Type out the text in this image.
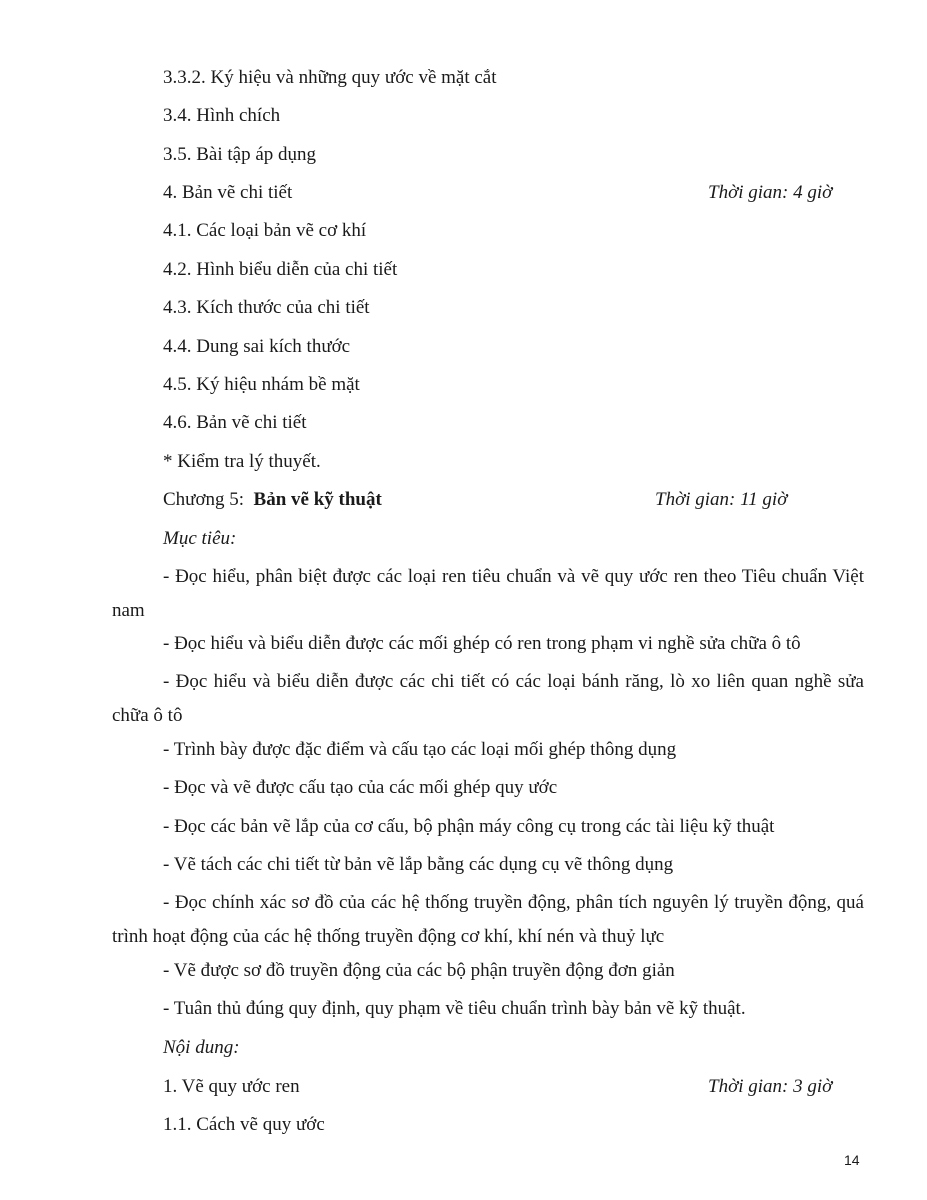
3.3.2. Ký hiệu và những quy ước về mặt cắt
3.4. Hình chích
3.5. Bài tập áp dụng
4. Bản vẽ chi tiết	Thời gian: 4 giờ
4.1. Các loại bản vẽ cơ khí
4.2. Hình biểu diễn của chi tiết
4.3. Kích thước của chi tiết
4.4. Dung sai kích thước
4.5. Ký hiệu nhám bề mặt
4.6. Bản vẽ chi tiết
* Kiểm tra lý thuyết.
Chương 5: Bản vẽ kỹ thuật	Thời gian: 11 giờ
Mục tiêu:
- Đọc hiểu, phân biệt được các loại ren tiêu chuẩn và vẽ quy ước ren theo Tiêu chuẩn Việt nam
- Đọc hiểu và biểu diễn được các mối ghép có ren trong phạm vi nghề sửa chữa ô tô
- Đọc hiểu và biểu diễn được các chi tiết có các loại bánh răng, lò xo liên quan nghề sửa chữa ô tô
- Trình bày được đặc điểm và cấu tạo các loại mối ghép thông dụng
- Đọc và vẽ được cấu tạo của các mối ghép quy ước
- Đọc các bản vẽ lắp của cơ cấu, bộ phận máy công cụ trong các tài liệu kỹ thuật
- Vẽ tách các chi tiết từ bản vẽ lắp bằng các dụng cụ vẽ thông dụng
- Đọc chính xác sơ đồ của các hệ thống truyền động, phân tích nguyên lý truyền động, quá trình hoạt động của các hệ thống truyền động cơ khí, khí nén và thuỷ lực
- Vẽ được sơ đồ truyền động của các bộ phận truyền động đơn giản
- Tuân thủ đúng quy định, quy phạm về tiêu chuẩn trình bày bản vẽ kỹ thuật.
Nội dung:
1. Vẽ quy ước ren	Thời gian: 3 giờ
1.1. Cách vẽ quy ước
14
